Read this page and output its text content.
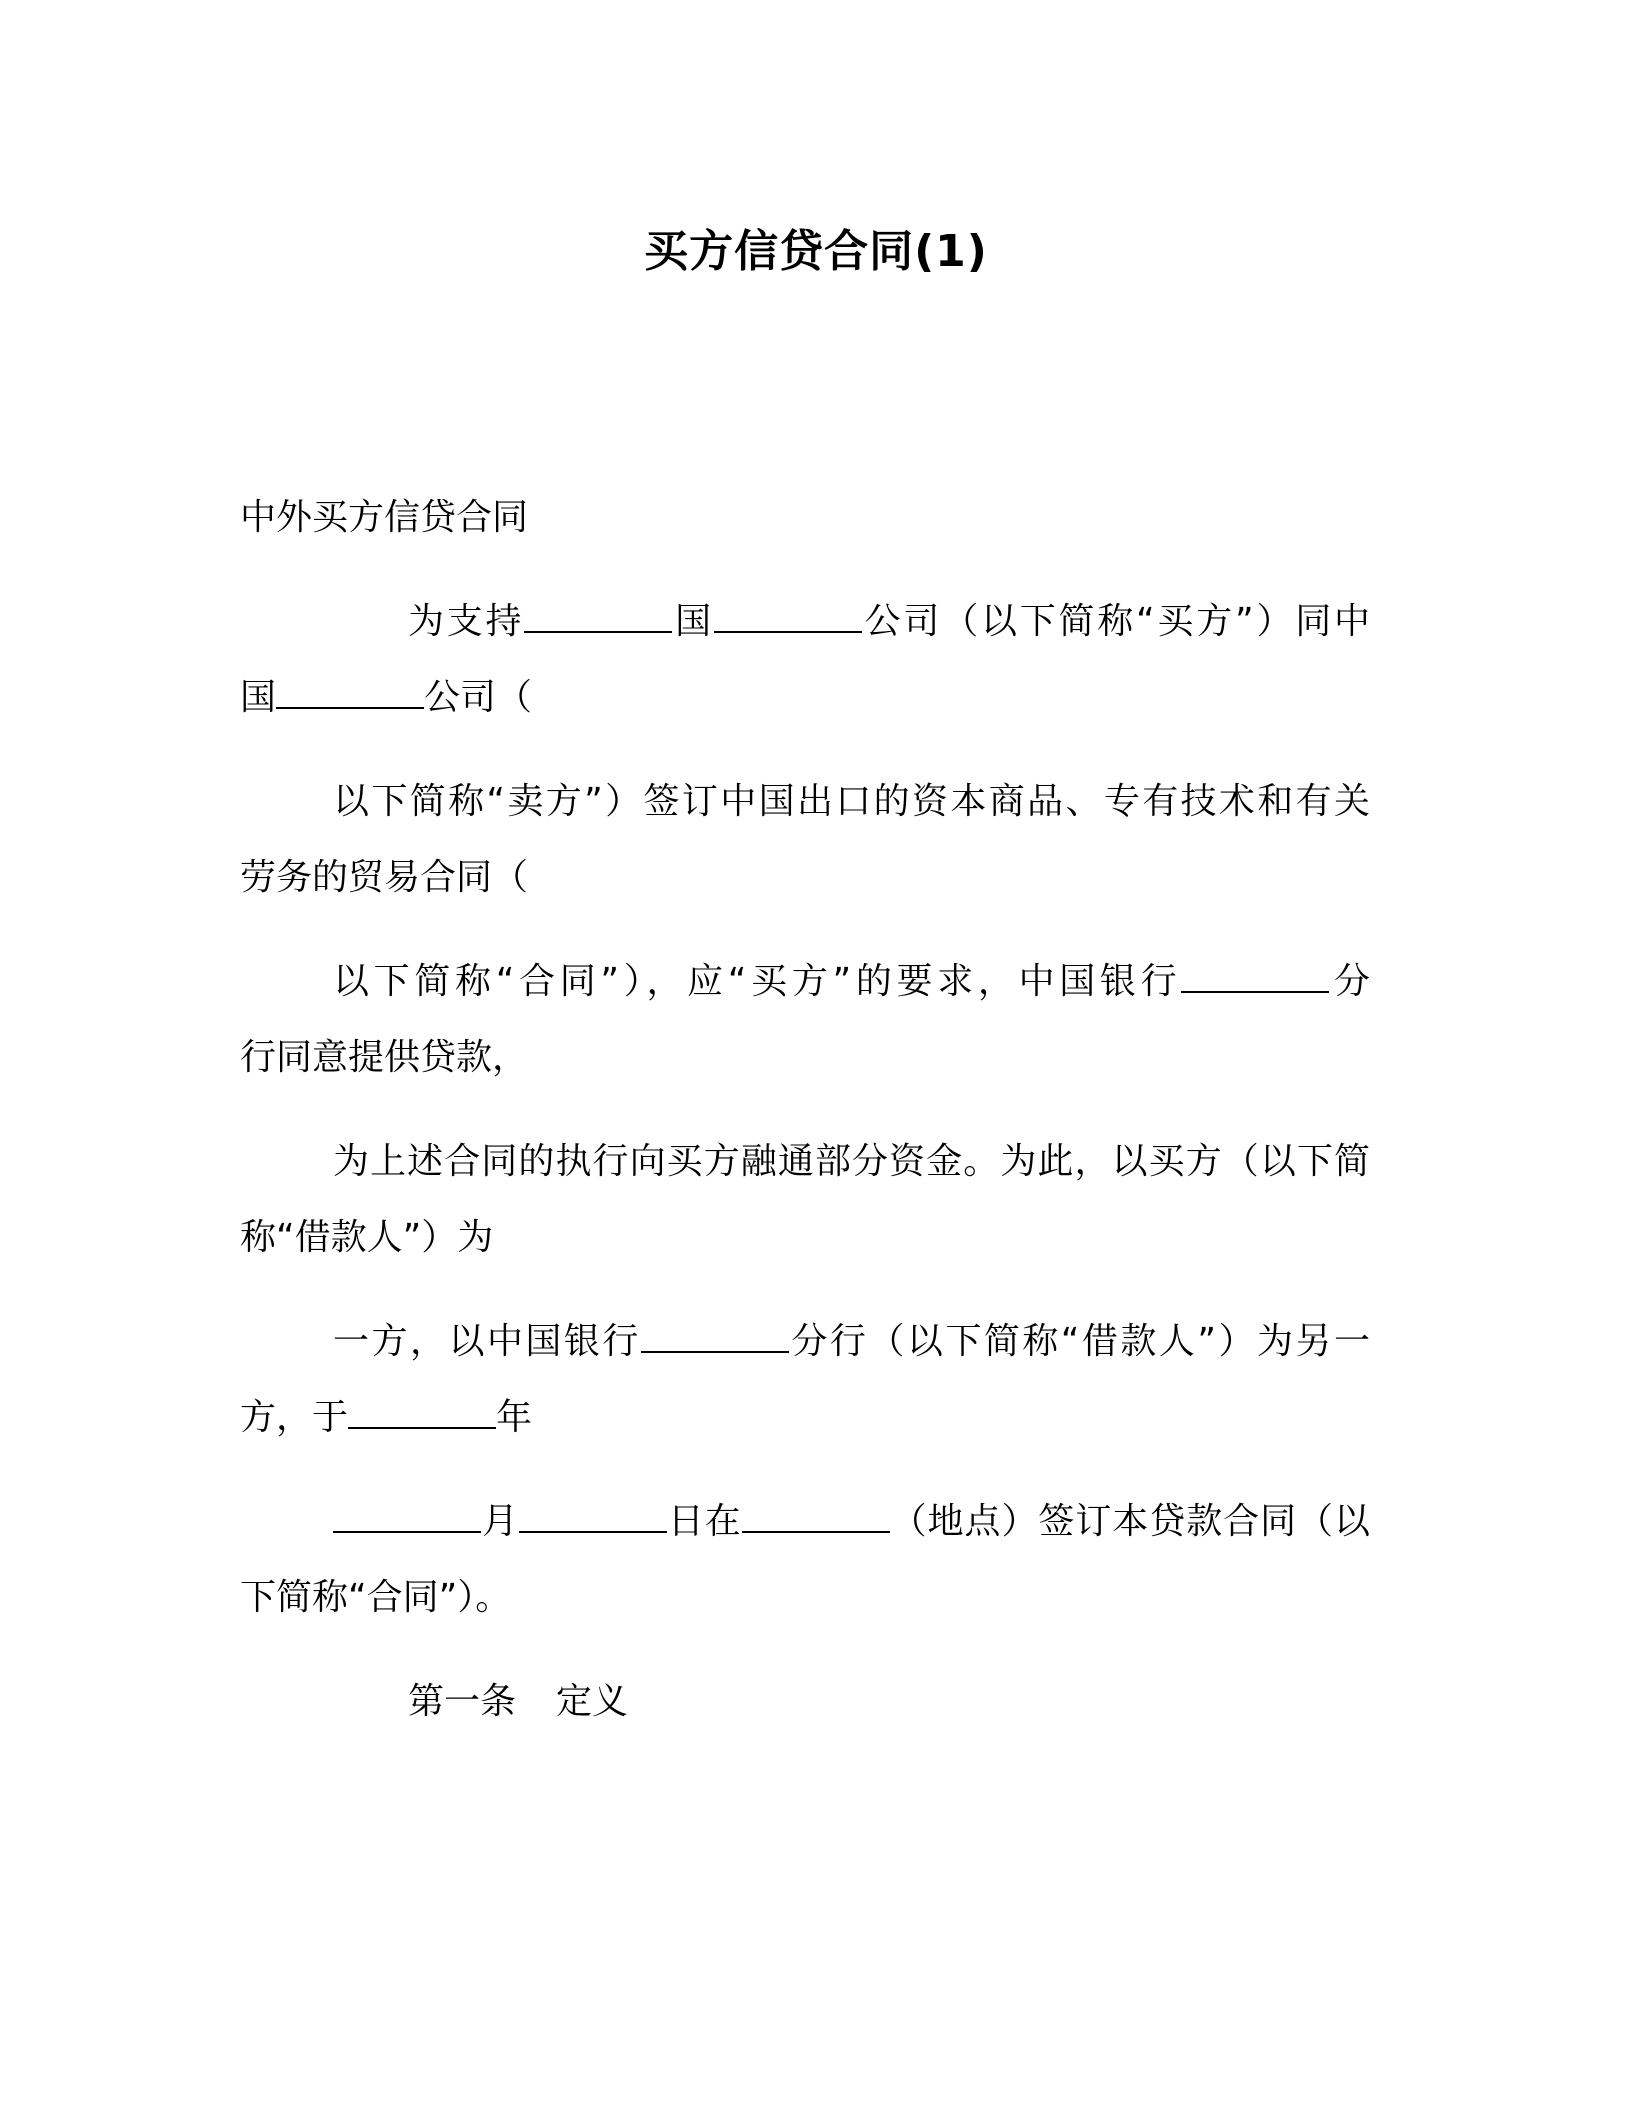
买方信贷合同(1)
中外买方信贷合同
为支持	国	公司（以下简称“买方”）同中
国	公司（
以下简称“卖方”）签订中国出口的资本商品、专有技术和有关
劳务的贸易合同（
以下简称“合同”），应“买方”的要求，中国银行	分
行同意提供贷款，
为上述合同的执行向买方融通部分资金。为此，以买方（以下简
称“借款人”）为
一方，以中国银行	分行（以下简称“借款人”）为另一
方，于	年
月	日在	（地点）签订本贷款合同（以
下简称“合同”）。
第一条 定义
